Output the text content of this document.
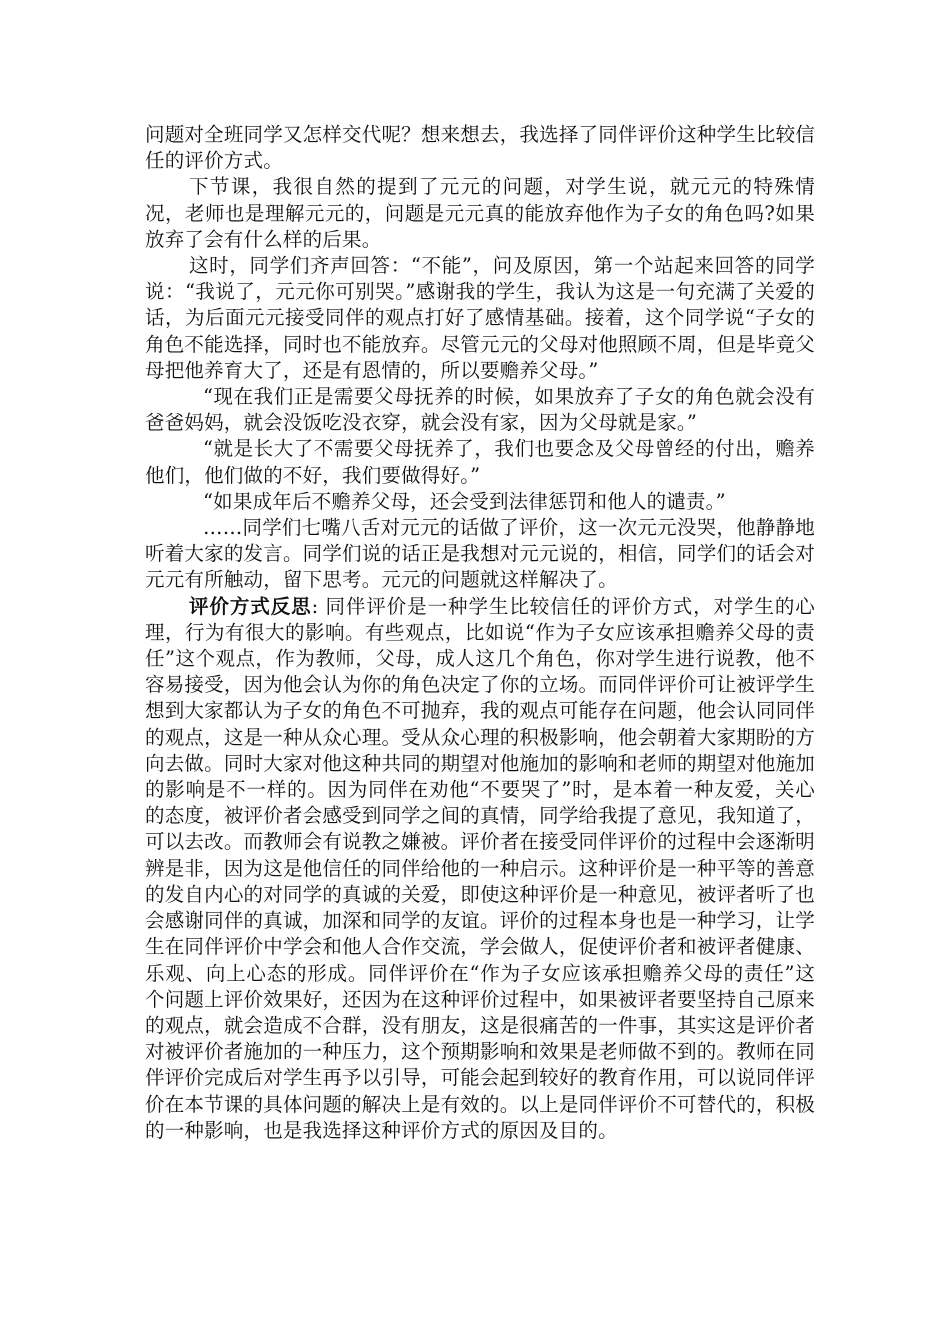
问题对全班同学又怎样交代呢？想来想去，我选择了同伴评价这种学生比较信任的评价方式。

下节课，我很自然的提到了元元的问题，对学生说，就元元的特殊情况，老师也是理解元元的，问题是元元真的能放弃他作为子女的角色吗?如果放弃了会有什么样的后果。

这时，同学们齐声回答：“不能”，问及原因，第一个站起来回答的同学说：“我说了，元元你可别哭。”感谢我的学生，我认为这是一句充满了关爱的话，为后面元元接受同伴的观点打好了感情基础。接着，这个同学说“子女的角色不能选择，同时也不能放弃。尽管元元的父母对他照顾不周，但是毕竟父母把他养育大了，还是有恩情的，所以要赡养父母。”

“现在我们正是需要父母抚养的时候，如果放弃了子女的角色就会没有爸爸妈妈，就会没饭吃没衣穿，就会没有家，因为父母就是家。”

“就是长大了不需要父母抚养了，我们也要念及父母曾经的付出，赡养他们，他们做的不好，我们要做得好。”

“如果成年后不赡养父母，还会受到法律惩罚和他人的谴责。”

……同学们七嘴八舌对元元的话做了评价，这一次元元没哭，他静静地听着大家的发言。同学们说的话正是我想对元元说的，相信，同学们的话会对元元有所触动，留下思考。元元的问题就这样解决了。

评价方式反思: 同伴评价是一种学生比较信任的评价方式，对学生的心理，行为有很大的影响。有些观点，比如说“作为子女应该承担赡养父母的责任”这个观点，作为教师，父母，成人这几个角色，你对学生进行说教，他不容易接受，因为他会认为你的角色决定了你的立场。而同伴评价可让被评学生想到大家都认为子女的角色不可抛弃，我的观点可能存在问题，他会认同同伴的观点，这是一种从众心理。受从众心理的积极影响，他会朝着大家期盼的方向去做。同时大家对他这种共同的期望对他施加的影响和老师的期望对他施加的影响是不一样的。因为同伴在劝他“不要哭了”时，是本着一种友爱，关心的态度，被评价者会感受到同学之间的真情，同学给我提了意见，我知道了，可以去改。而教师会有说教之嫌被。评价者在接受同伴评价的过程中会逐渐明辨是非，因为这是他信任的同伴给他的一种启示。这种评价是一种平等的善意的发自内心的对同学的真诚的关爱，即使这种评价是一种意见，被评者听了也会感谢同伴的真诚，加深和同学的友谊。评价的过程本身也是一种学习，让学生在同伴评价中学会和他人合作交流，学会做人，促使评价者和被评者健康、乐观、向上心态的形成。同伴评价在“作为子女应该承担赡养父母的责任”这个问题上评价效果好，还因为在这种评价过程中，如果被评者要坚持自己原来的观点，就会造成不合群，没有朋友，这是很痛苦的一件事，其实这是评价者对被评价者施加的一种压力，这个预期影响和效果是老师做不到的。教师在同伴评价完成后对学生再予以引导，可能会起到较好的教育作用，可以说同伴评价在本节课的具体问题的解决上是有效的。以上是同伴评价不可替代的，积极的一种影响，也是我选择这种评价方式的原因及目的。
